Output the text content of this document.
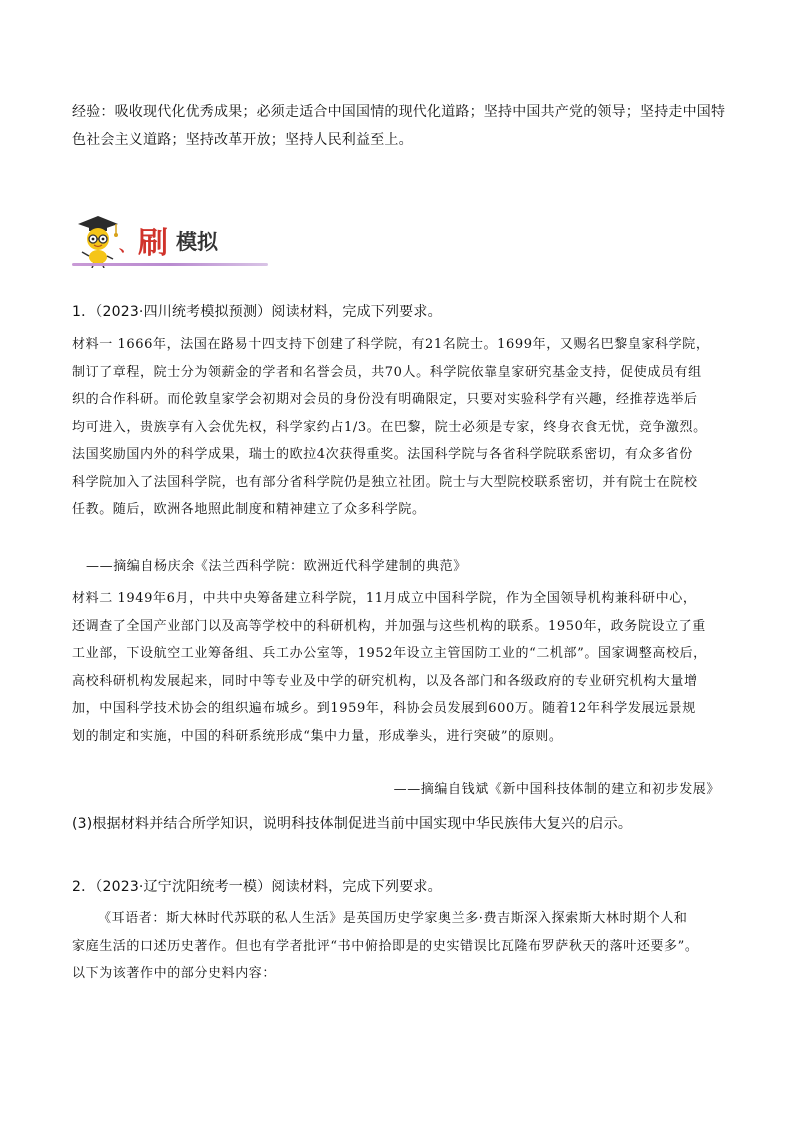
经验：吸收现代化优秀成果；必须走适合中国国情的现代化道路；坚持中国共产党的领导；坚持走中国特
色社会主义道路；坚持改革开放；坚持人民利益至上。
、 刷 模拟
1．（2023·四川统考模拟预测）阅读材料，完成下列要求。
材料一 1666年，法国在路易十四支持下创建了科学院，有21名院士。1699年，又赐名巴黎皇家科学院，
制订了章程，院士分为领薪金的学者和名誉会员，共70人。科学院依靠皇家研究基金支持，促使成员有组
织的合作科研。而伦敦皇家学会初期对会员的身份没有明确限定，只要对实验科学有兴趣，经推荐选举后
均可进入，贵族享有入会优先权，科学家约占1/3。在巴黎，院士必须是专家，终身衣食无忧，竞争激烈。
法国奖励国内外的科学成果，瑞士的欧拉4次获得重奖。法国科学院与各省科学院联系密切，有众多省份
科学院加入了法国科学院，也有部分省科学院仍是独立社团。院士与大型院校联系密切，并有院士在院校
任教。随后，欧洲各地照此制度和精神建立了众多科学院。
——摘编自杨庆余《法兰西科学院：欧洲近代科学建制的典范》
材料二 1949年6月，中共中央筹备建立科学院，11月成立中国科学院，作为全国领导机构兼科研中心，
还调查了全国产业部门以及高等学校中的科研机构，并加强与这些机构的联系。1950年，政务院设立了重
工业部，下设航空工业筹备组、兵工办公室等，1952年设立主管国防工业的“二机部”。国家调整高校后，
高校科研机构发展起来，同时中等专业及中学的研究机构，以及各部门和各级政府的专业研究机构大量增
加，中国科学技术协会的组织遍布城乡。到1959年，科协会员发展到600万。随着12年科学发展远景规
划的制定和实施，中国的科研系统形成“集中力量，形成拳头，进行突破”的原则。
——摘编自钱斌《新中国科技体制的建立和初步发展》
(3)根据材料并结合所学知识，说明科技体制促进当前中国实现中华民族伟大复兴的启示。
2．（2023·辽宁沈阳统考一模）阅读材料，完成下列要求。
《耳语者：斯大林时代苏联的私人生活》是英国历史学家奥兰多·费吉斯深入探索斯大林时期个人和
家庭生活的口述历史著作。但也有学者批评“书中俯拾即是的史实错误比瓦隆布罗萨秋天的落叶还要多”。
以下为该著作中的部分史料内容：
